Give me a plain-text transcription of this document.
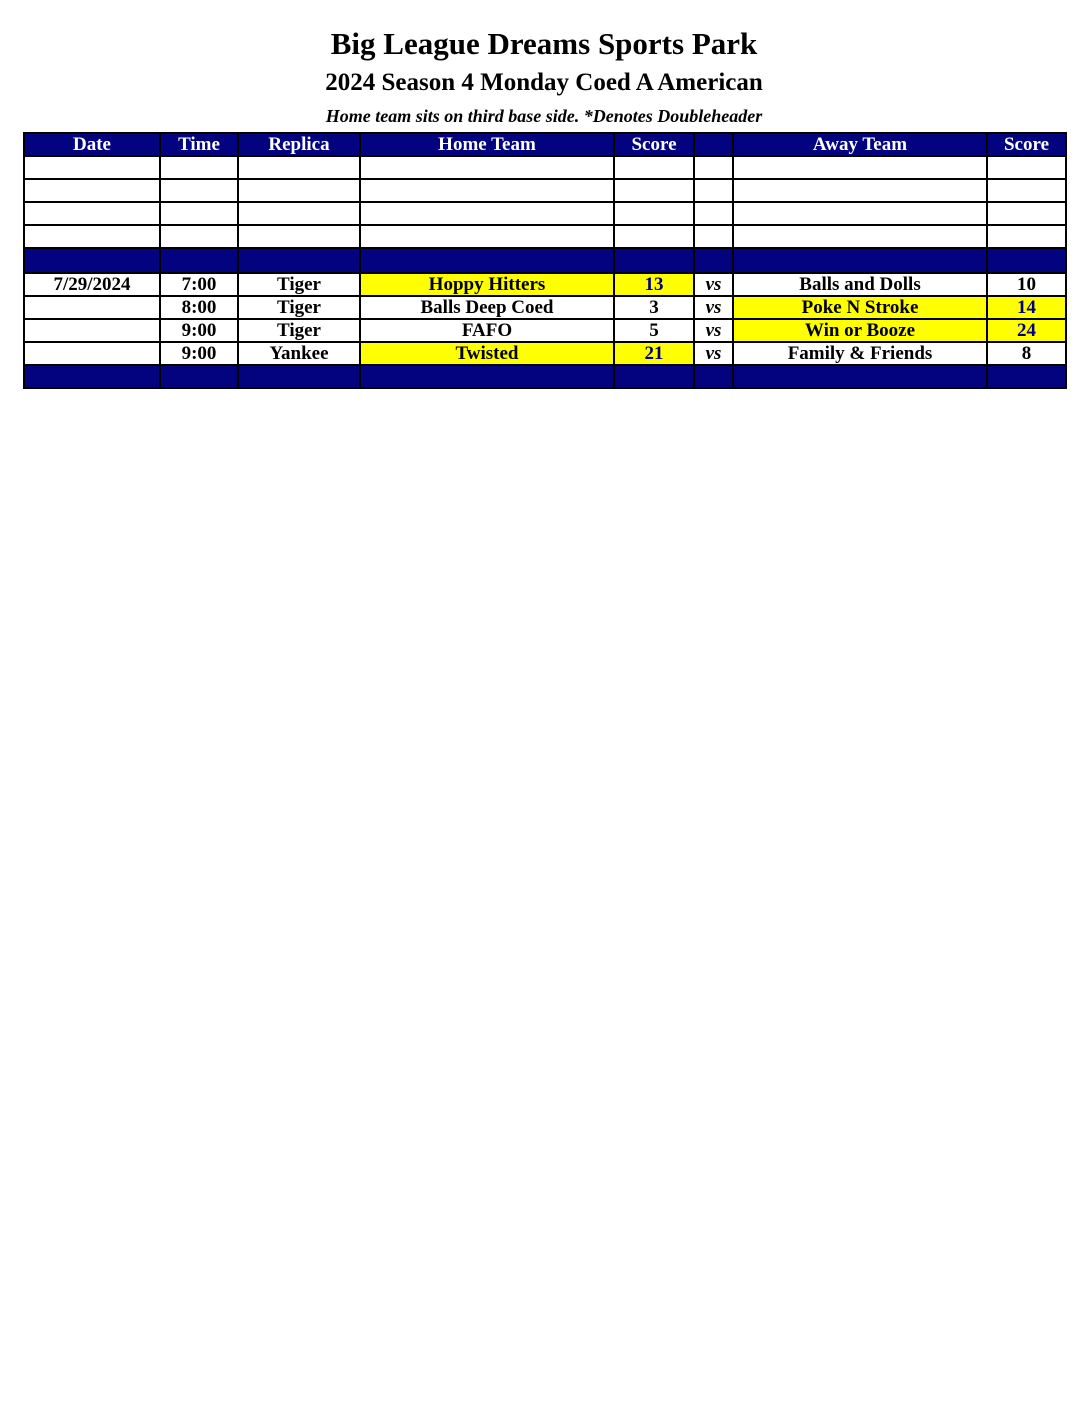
Big League Dreams Sports Park
2024 Season 4 Monday Coed A American
Home team sits on third base side. *Denotes Doubleheader
Date	Time	Replica	Home Team	Score		Away Team	Score

7/29/2024	7:00	Tiger	Hoppy Hitters	13	vs	Balls and Dolls	10
	8:00	Tiger	Balls Deep Coed	3	vs	Poke N Stroke	14
	9:00	Tiger	FAFO	5	vs	Win or Booze	24
	9:00	Yankee	Twisted	21	vs	Family & Friends	8
